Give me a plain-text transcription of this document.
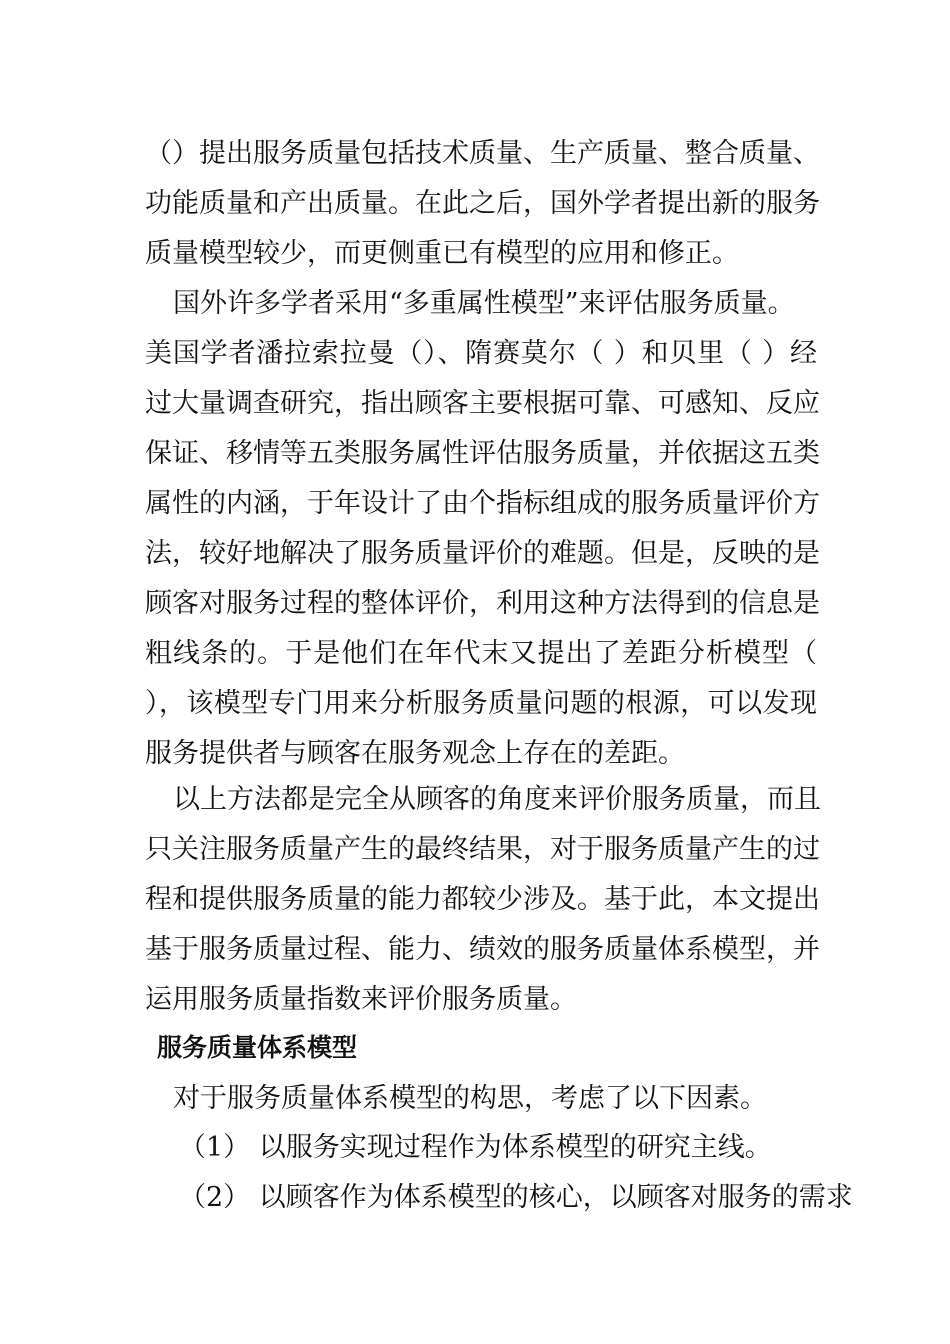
（）提出服务质量包括技术质量、生产质量、整合质量、
功能质量和产出质量。在此之后，国外学者提出新的服务
质量模型较少，而更侧重已有模型的应用和修正。
国外许多学者采用“多重属性模型”来评估服务质量。
美国学者潘拉索拉曼（）、隋赛莫尔（ ）和贝里（ ）经
过大量调查研究，指出顾客主要根据可靠、可感知、反应
保证、移情等五类服务属性评估服务质量，并依据这五类
属性的内涵，于年设计了由个指标组成的服务质量评价方
法，较好地解决了服务质量评价的难题。但是，反映的是
顾客对服务过程的整体评价，利用这种方法得到的信息是
粗线条的。于是他们在年代末又提出了差距分析模型（
），该模型专门用来分析服务质量问题的根源，可以发现
服务提供者与顾客在服务观念上存在的差距。
以上方法都是完全从顾客的角度来评价服务质量，而且
只关注服务质量产生的最终结果，对于服务质量产生的过
程和提供服务质量的能力都较少涉及。基于此，本文提出
基于服务质量过程、能力、绩效的服务质量体系模型，并
运用服务质量指数来评价服务质量。
服务质量体系模型
对于服务质量体系模型的构思，考虑了以下因素。
（1） 以服务实现过程作为体系模型的研究主线。
（2） 以顾客作为体系模型的核心，以顾客对服务的需求
